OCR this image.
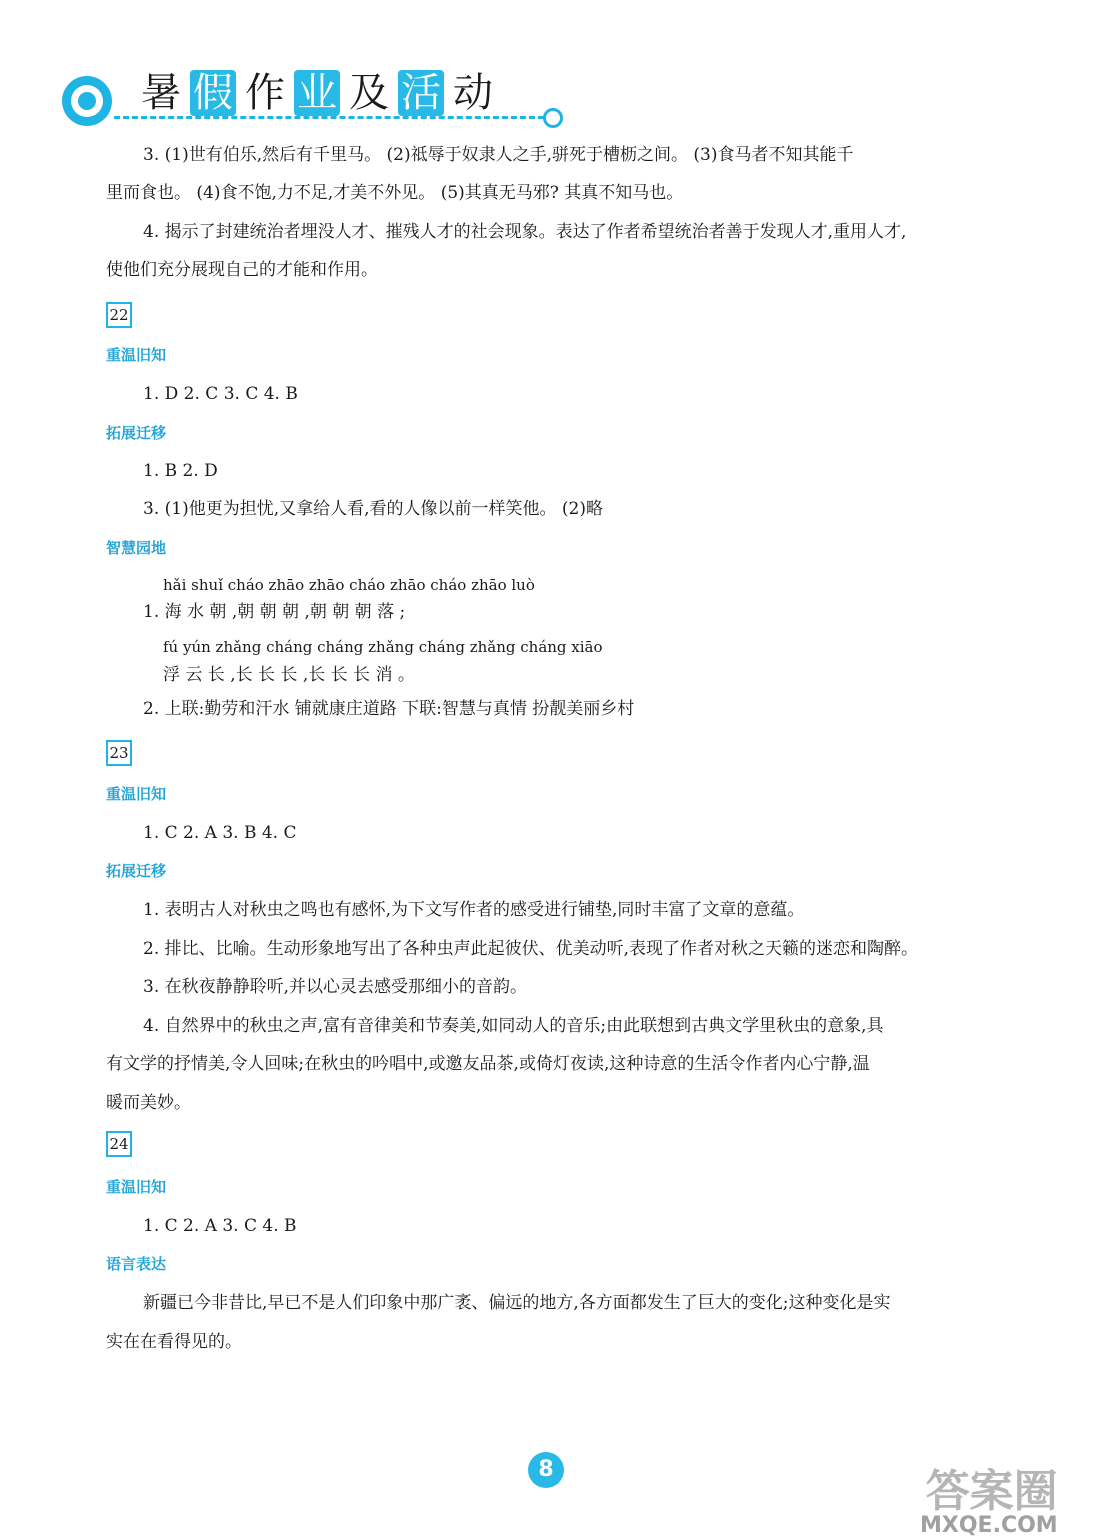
暑 假 作 业 及 活 动
3. (1)世有伯乐,然后有千里马。 (2)祗辱于奴隶人之手,骈死于槽枥之间。 (3)食马者不知其能千
里而食也。 (4)食不饱,力不足,才美不外见。 (5)其真无马邪? 其真不知马也。
4. 揭示了封建统治者埋没人才、摧残人才的社会现象。表达了作者希望统治者善于发现人才,重用人才,
使他们充分展现自己的才能和作用。
22
重温旧知
1. D 2. C 3. C 4. B
拓展迁移
1. B 2. D
3. (1)他更为担忧,又拿给人看,看的人像以前一样笑他。 (2)略
智慧园地
hǎi shuǐ cháo zhāo zhāo cháo zhāo cháo zhāo luò
1. 海 水 朝 ,朝 朝 朝 ,朝 朝 朝 落 ;
fú yún zhǎng cháng cháng zhǎng cháng zhǎng cháng xiāo
浮 云 长 ,长 长 长 ,长 长 长 消 。
2. 上联:勤劳和汗水 铺就康庄道路 下联:智慧与真情 扮靓美丽乡村
23
重温旧知
1. C 2. A 3. B 4. C
拓展迁移
1. 表明古人对秋虫之鸣也有感怀,为下文写作者的感受进行铺垫,同时丰富了文章的意蕴。
2. 排比、比喻。生动形象地写出了各种虫声此起彼伏、优美动听,表现了作者对秋之天籁的迷恋和陶醉。
3. 在秋夜静静聆听,并以心灵去感受那细小的音韵。
4. 自然界中的秋虫之声,富有音律美和节奏美,如同动人的音乐;由此联想到古典文学里秋虫的意象,具
有文学的抒情美,令人回味;在秋虫的吟唱中,或邀友品茶,或倚灯夜读,这种诗意的生活令作者内心宁静,温
暖而美妙。
24
重温旧知
1. C 2. A 3. C 4. B
语言表达
新疆已今非昔比,早已不是人们印象中那广袤、偏远的地方,各方面都发生了巨大的变化;这种变化是实
实在在看得见的。
8	答案圈
MXQE.COM
